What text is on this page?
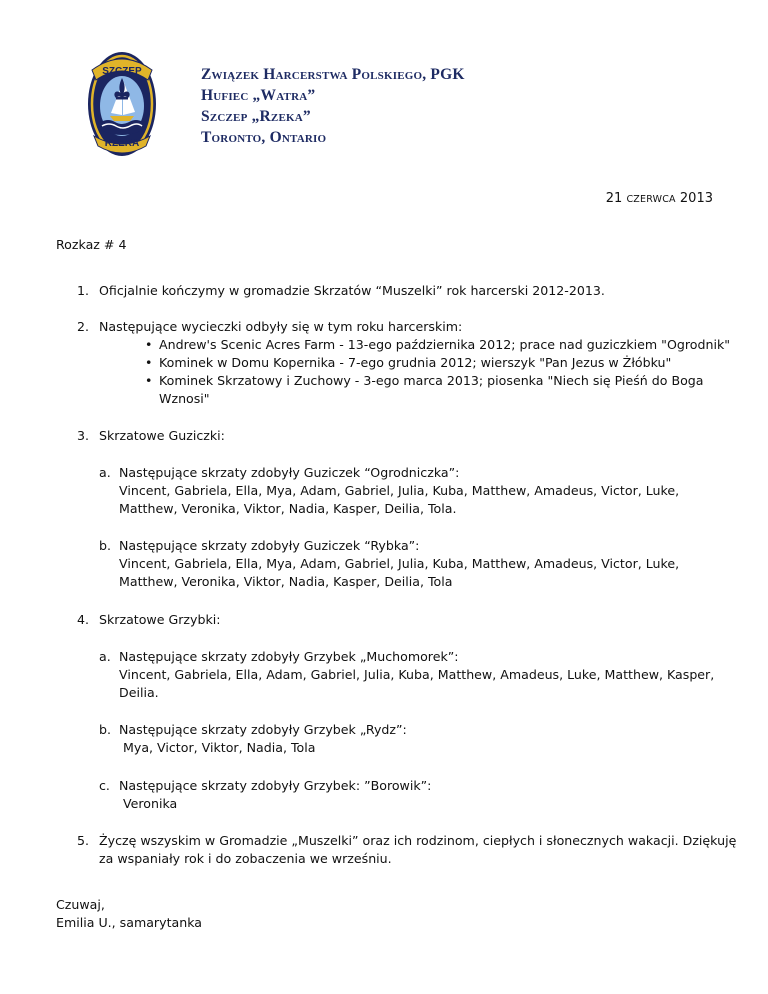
SZCZEP
RZEKA
Związek Harcerstwa Polskiego, PGK
Hufiec „Watra”
Szczep „Rzeka”
Toronto, Ontario
21 CZERWCA 2013
Rozkaz # 4
1. Oficjalnie kończymy w gromadzie Skrzatów “Muszelki” rok harcerski 2012-2013.
2. Następujące wycieczki odbyły się w tym roku harcerskim:
• Andrew's Scenic Acres Farm - 13-ego października 2012; prace nad guziczkiem "Ogrodnik"
• Kominek w Domu Kopernika - 7-ego grudnia 2012; wierszyk "Pan Jezus w Żłóbku"
• Kominek Skrzatowy i Zuchowy - 3-ego marca 2013; piosenka "Niech się Pieśń do Boga
Wznosi"
3. Skrzatowe Guziczki:
a. Następujące skrzaty zdobyły Guziczek “Ogrodniczka”:
Vincent, Gabriela, Ella, Mya, Adam, Gabriel, Julia, Kuba, Matthew, Amadeus, Victor, Luke,
Matthew, Veronika, Viktor, Nadia, Kasper, Deilia, Tola.
b. Następujące skrzaty zdobyły Guziczek “Rybka”:
Vincent, Gabriela, Ella, Mya, Adam, Gabriel, Julia, Kuba, Matthew, Amadeus, Victor, Luke,
Matthew, Veronika, Viktor, Nadia, Kasper, Deilia, Tola
4. Skrzatowe Grzybki:
a. Następujące skrzaty zdobyły Grzybek „Muchomorek”:
Vincent, Gabriela, Ella, Adam, Gabriel, Julia, Kuba, Matthew, Amadeus, Luke, Matthew, Kasper,
Deilia.
b. Następujące skrzaty zdobyły Grzybek „Rydz”:
Mya, Victor, Viktor, Nadia, Tola
c. Następujące skrzaty zdobyły Grzybek: ”Borowik”:
Veronika
5. Życzę wszyskim w Gromadzie „Muszelki” oraz ich rodzinom, ciepłych i słonecznych wakacji. Dziękuję
za wspaniały rok i do zobaczenia we wrześniu.
Czuwaj,
Emilia U., samarytanka
